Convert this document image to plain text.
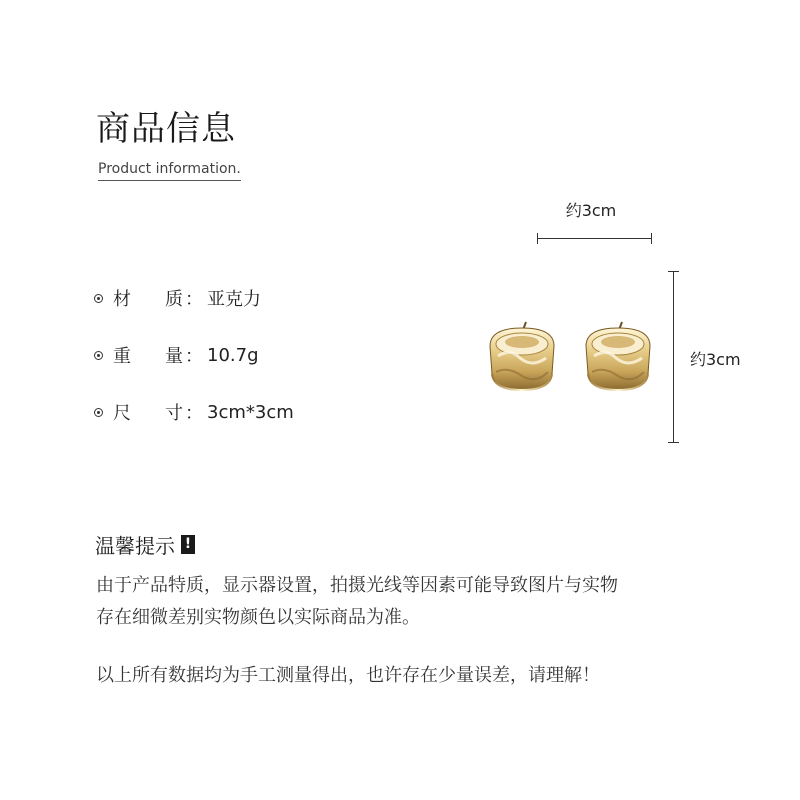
商品信息
Product information.
材	质 ： 亚克力
重	量 ： 10.7g
尺	寸 ： 3cm*3cm
约3cm
约3cm
温馨提示 !
由于产品特质，显示器设置，拍摄光线等因素可能导致图片与实物
存在细微差别实物颜色以实际商品为准。
以上所有数据均为手工测量得出，也许存在少量误差，请理解！
